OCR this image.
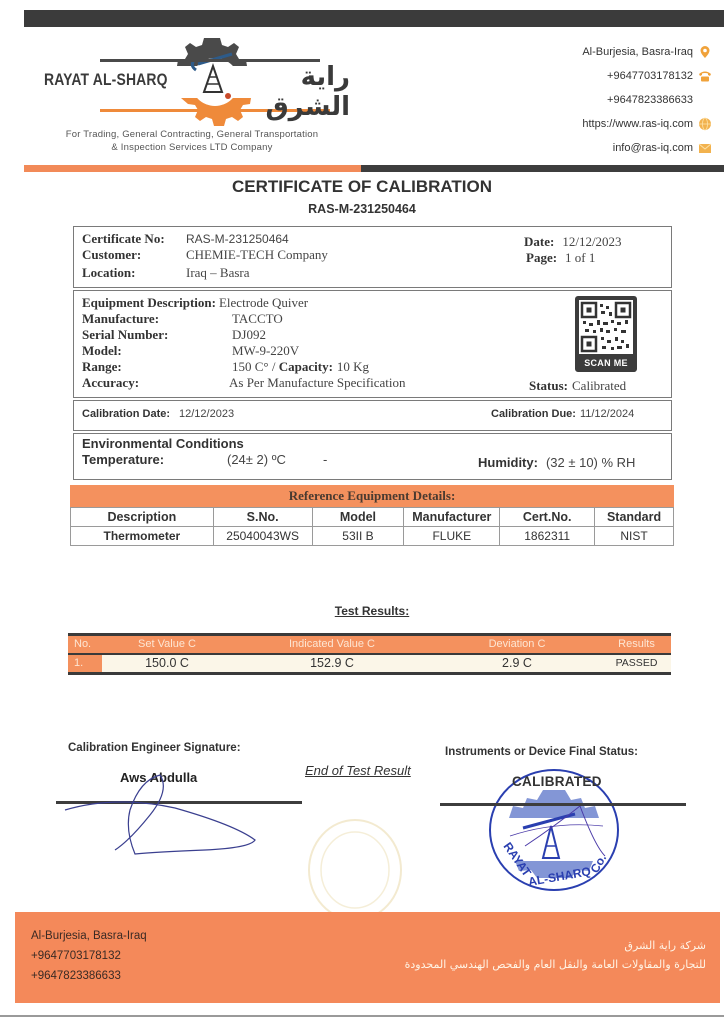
RAYAT AL-SHARQ	راية الشرق
For Trading, General Contracting, General Transportation
& Inspection Services LTD Company
Al-Burjesia, Basra-Iraq
+9647703178132
+9647823386633
https://www.ras-iq.com
info@ras-iq.com
CERTIFICATE OF CALIBRATION
RAS-M-231250464
Certificate No:	RAS-M-231250464
Customer:	CHEMIE-TECH Company
Location:	Iraq – Basra
Date: 12/12/2023
Page: 1 of 1
Equipment Description: Electrode Quiver
Manufacture:	TACCTO
Serial Number:	DJ092
Model:	MW-9-220V
Range:	150 C° / Capacity: 10 Kg
Accuracy:	As Per Manufacture Specification	Status: Calibrated
SCAN ME
Calibration Date: 12/12/2023	Calibration Due: 11/12/2024
Environmental Conditions
Temperature:	(24± 2) ºC	-	Humidity: (32 ± 10) % RH
Reference Equipment Details:
Description	S.No.	Model	Manufacturer	Cert.No.	Standard
Thermometer	25040043WS	53II B	FLUKE	1862311	NIST
Test Results:
No.	Set Value C	Indicated Value C	Deviation C	Results
1.	150.0 C	152.9 C	2.9 C	PASSED
Calibration Engineer Signature:	Instruments or Device Final Status:
Aws Abdulla	End of Test Result
RAYAT
AL-SHARQ
Co.
CALIBRATED
Al-Burjesia, Basra-Iraq
+9647703178132
+9647823386633
شركة راية الشرق
للتجارة والمقاولات العامة والنقل العام والفحص الهندسي المحدودة
